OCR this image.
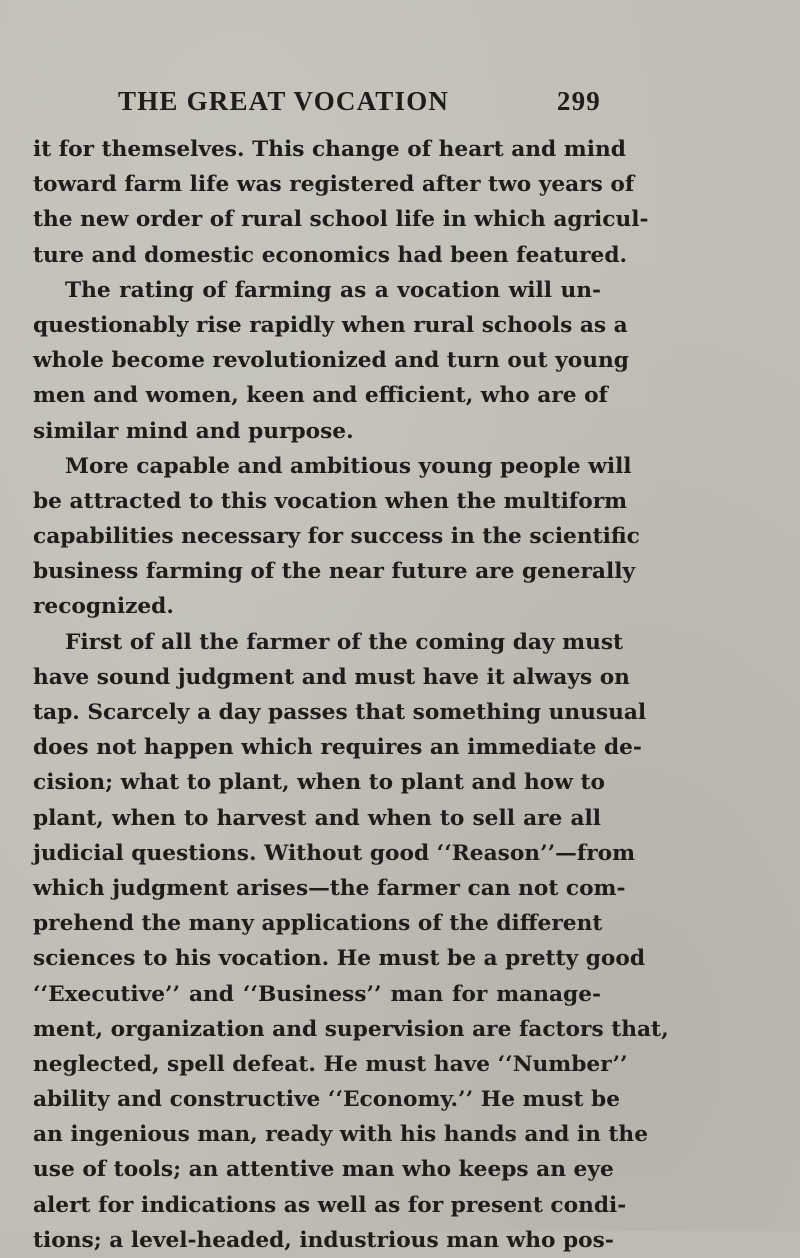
THE GREAT VOCATION	299
it for themselves. This change of heart and mind
toward farm life was registered after two years of
the new order of rural school life in which agricul-
ture and domestic economics had been featured.
The rating of farming as a vocation will un-
questionably rise rapidly when rural schools as a
whole become revolutionized and turn out young
men and women, keen and efficient, who are of
similar mind and purpose.
More capable and ambitious young people will
be attracted to this vocation when the multiform
capabilities necessary for success in the scientific
business farming of the near future are generally
recognized.
First of all the farmer of the coming day must
have sound judgment and must have it always on
tap. Scarcely a day passes that something unusual
does not happen which requires an immediate de-
cision; what to plant, when to plant and how to
plant, when to harvest and when to sell are all
judicial questions. Without good ‘‘Reason’’—from
which judgment arises—the farmer can not com-
prehend the many applications of the different
sciences to his vocation. He must be a pretty good
‘‘Executive’’ and ‘‘Business’’ man for manage-
ment, organization and supervision are factors that,
neglected, spell defeat. He must have ‘‘Number’’
ability and constructive ‘‘Economy.’’ He must be
an ingenious man, ready with his hands and in the
use of tools; an attentive man who keeps an eye
alert for indications as well as for present condi-
tions; a level-headed, industrious man who pos-
